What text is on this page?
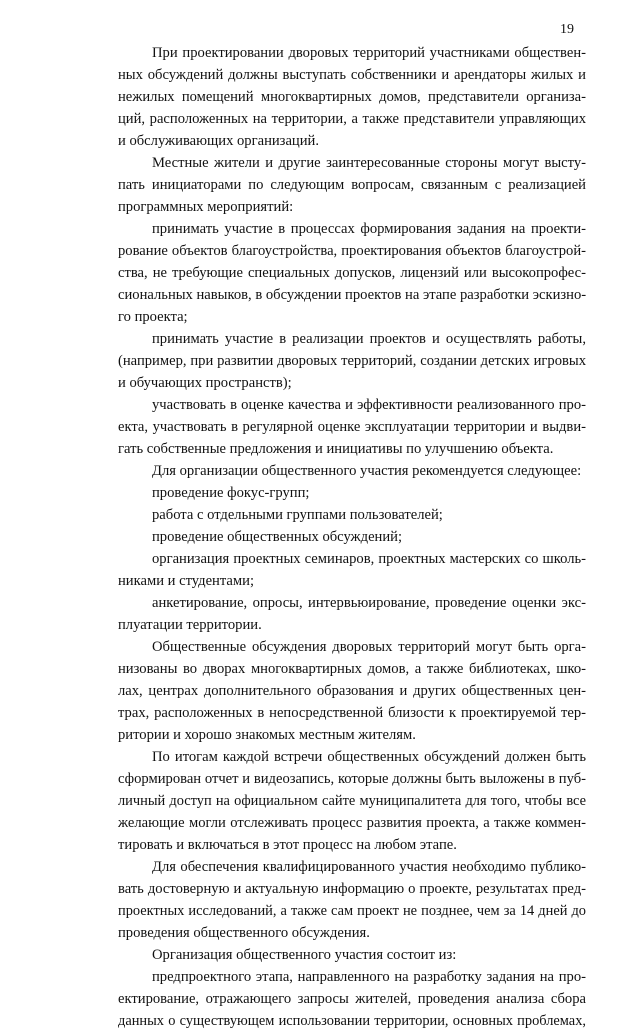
19
При проектировании дворовых территорий участниками обществен-
ных обсуждений должны выступать собственники и арендаторы жилых и
нежилых помещений многоквартирных домов, представители организа-
ций, расположенных на территории, а также представители управляющих
и обслуживающих организаций.
Местные жители и другие заинтересованные стороны могут высту-
пать инициаторами по следующим вопросам, связанным с реализацией
программных мероприятий:
принимать участие в процессах формирования задания на проекти-
рование объектов благоустройства, проектирования объектов благоустрой-
ства, не требующие специальных допусков, лицензий или высокопрофес-
сиональных навыков, в обсуждении проектов на этапе разработки эскизно-
го проекта;
принимать участие в реализации проектов и осуществлять работы,
(например, при развитии дворовых территорий, создании детских игровых
и обучающих пространств);
участвовать в оценке качества и эффективности реализованного про-
екта, участвовать в регулярной оценке эксплуатации территории и выдви-
гать собственные предложения и инициативы по улучшению объекта.
Для организации общественного участия рекомендуется следующее:
проведение фокус-групп;
работа с отдельными группами пользователей;
проведение общественных обсуждений;
организация проектных семинаров, проектных мастерских со школь-
никами и студентами;
анкетирование, опросы, интервьюирование, проведение оценки экс-
плуатации территории.
Общественные обсуждения дворовых территорий могут быть орга-
низованы во дворах многоквартирных домов, а также библиотеках, шко-
лах, центрах дополнительного образования и других общественных цен-
трах, расположенных в непосредственной близости к проектируемой тер-
ритории и хорошо знакомых местным жителям.
По итогам каждой встречи общественных обсуждений должен быть
сформирован отчет и видеозапись, которые должны быть выложены в пуб-
личный доступ на официальном сайте муниципалитета для того, чтобы все
желающие могли отслеживать процесс развития проекта, а также коммен-
тировать и включаться в этот процесс на любом этапе.
Для обеспечения квалифицированного участия необходимо публико-
вать достоверную и актуальную информацию о проекте, результатах пред-
проектных исследований, а также сам проект не позднее, чем за 14 дней до
проведения общественного обсуждения.
Организация общественного участия состоит из:
предпроектного этапа, направленного на разработку задания на про-
ектирование, отражающего запросы жителей, проведения анализа сбора
данных о существующем использовании территории, основных проблемах,
